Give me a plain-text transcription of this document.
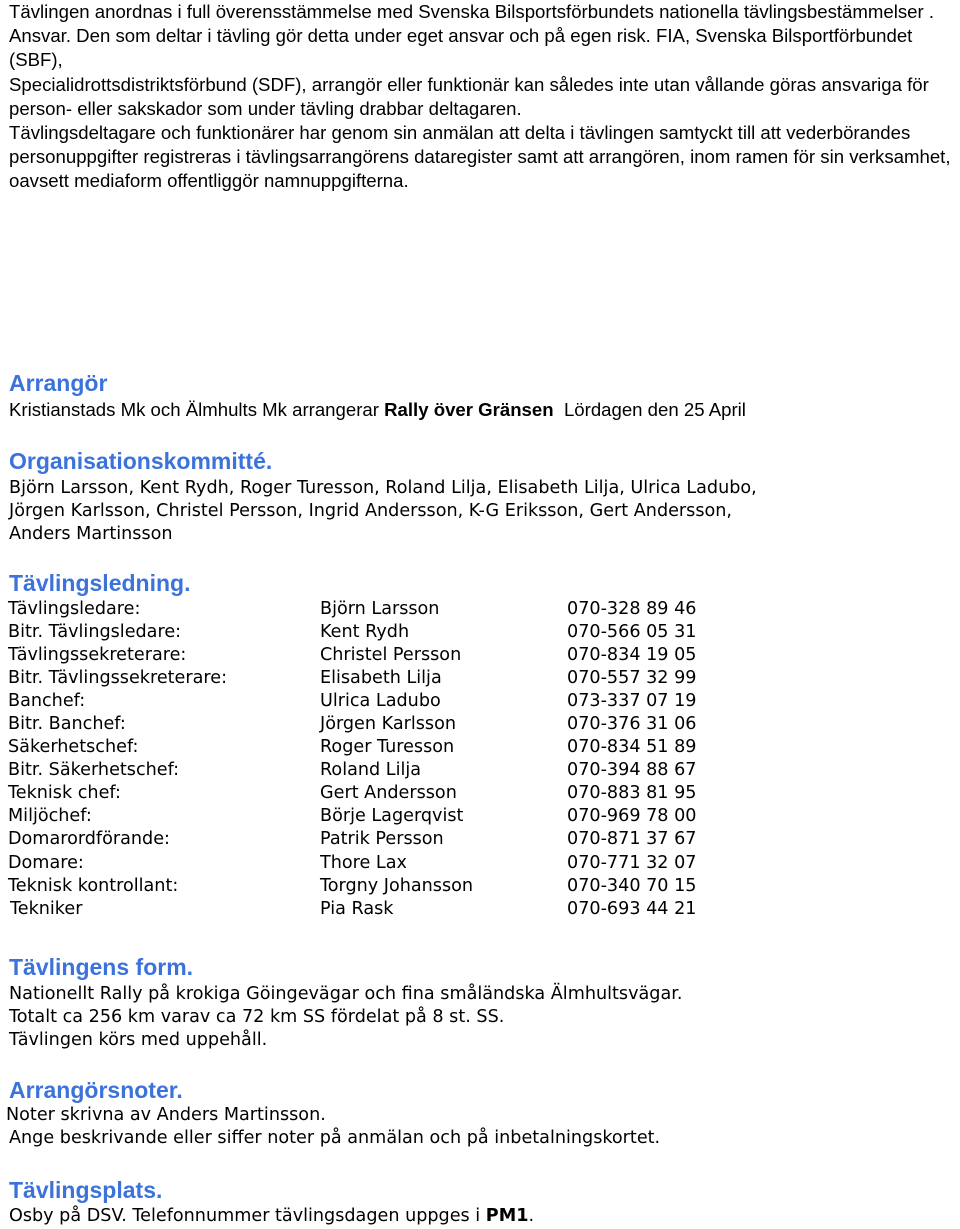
Tävlingen anordnas i full överensstämmelse med Svenska Bilsportsförbundets nationella tävlingsbestämmelser .

Ansvar. Den som deltar i tävling gör detta under eget ansvar och på egen risk. FIA, Svenska Bilsportförbundet (SBF),

Specialidrottsdistriktsförbund (SDF), arrangör eller funktionär kan således inte utan vållande göras ansvariga för person- eller sakskador som under tävling drabbar deltagaren.

Tävlingsdeltagare och funktionärer har genom sin anmälan att delta i tävlingen samtyckt till att vederbörandes personuppgifter registreras i tävlingsarrangörens dataregister samt att arrangören, inom ramen för sin verksamhet, oavsett mediaform offentliggör namnuppgifterna.

Arrangör
Kristianstads Mk och Älmhults Mk arrangerar Rally över Gränsen  Lördagen den 25 April
Organisationskommitté.

Björn Larsson, Kent Rydh, Roger Turesson, Roland Lilja, Elisabeth Lilja, Ulrica Ladubo,

Jörgen Karlsson, Christel Persson, Ingrid Andersson, K-G Eriksson, Gert Andersson,

Anders Martinsson

Tävlingsledning.
Tävlingsledare:	Björn Larsson	070-328 89 46
Bitr. Tävlingsledare:	Kent Rydh	070-566 05 31
Tävlingssekreterare:	Christel Persson	070-834 19 05
Bitr. Tävlingssekreterare:	Elisabeth Lilja	070-557 32 99
Banchef:	Ulrica Ladubo	073-337 07 19
Bitr. Banchef:	Jörgen Karlsson	070-376 31 06
Säkerhetschef:	Roger Turesson	070-834 51 89
Bitr. Säkerhetschef:	Roland Lilja	070-394 88 67
Teknisk chef:	Gert Andersson	070-883 81 95
Miljöchef:	Börje Lagerqvist	070-969 78 00
Domarordförande:	Patrik Persson	070-871 37 67
Domare:	Thore Lax	070-771 32 07
Teknisk kontrollant:	Torgny Johansson	070-340 70 15
Tekniker	Pia Rask	070-693 44 21
Tävlingens form.

Nationellt Rally på krokiga Göingevägar och fina småländska Älmhultsvägar.

Totalt ca 256 km varav ca 72 km SS fördelat på 8 st. SS.

Tävlingen körs med uppehåll.

Arrangörsnoter.

Noter skrivna av Anders Martinsson.

Ange beskrivande eller siffer noter på anmälan och på inbetalningskortet.

Tävlingsplats.

Osby på DSV. Telefonnummer tävlingsdagen uppges i PM1.
